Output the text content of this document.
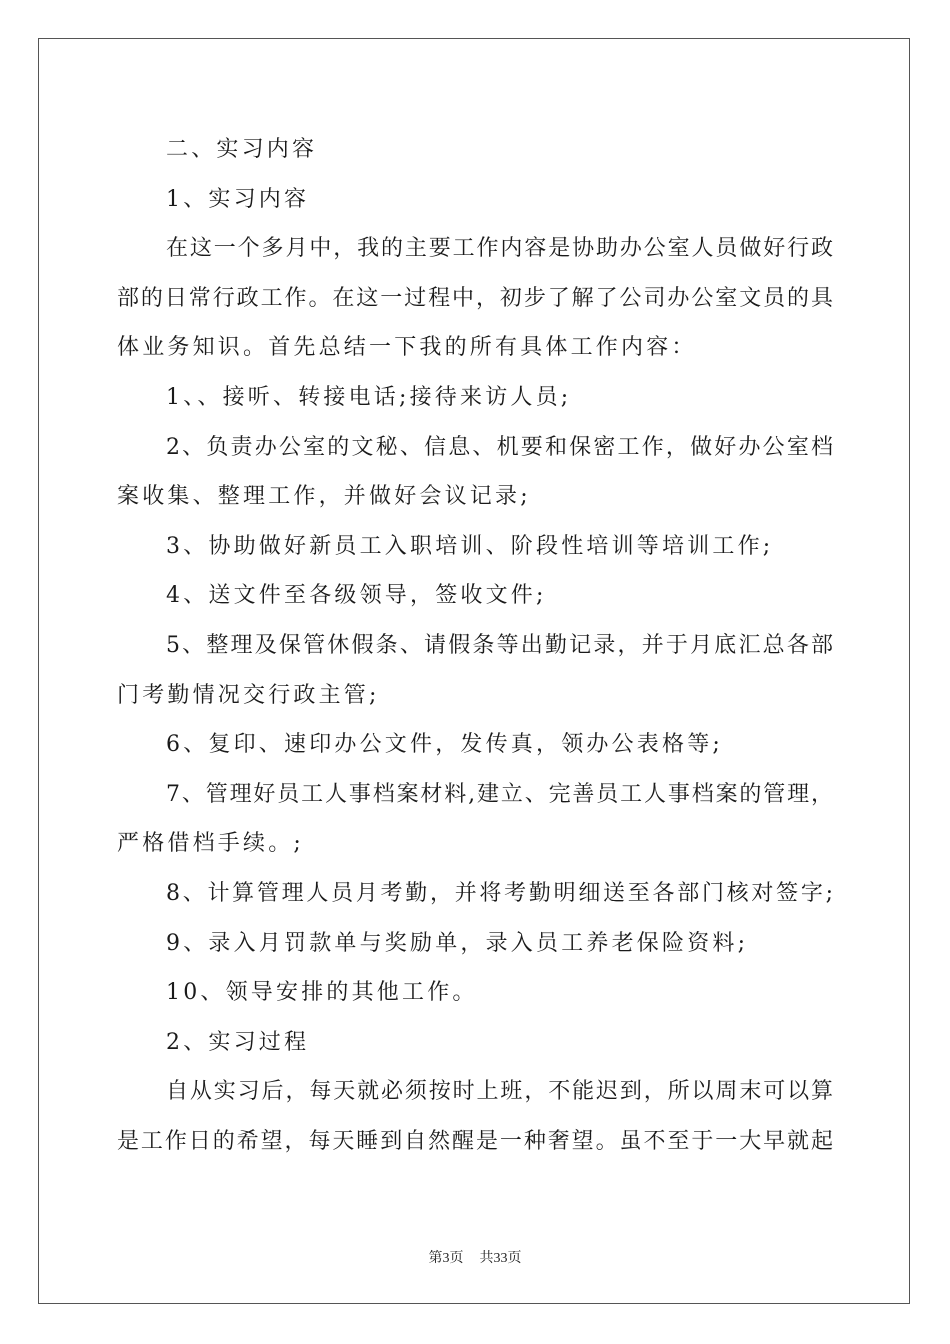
二、实习内容
1、实习内容
在这一个多月中，我的主要工作内容是协助办公室人员做好行政
部的日常行政工作。在这一过程中，初步了解了公司办公室文员的具
体业务知识。首先总结一下我的所有具体工作内容：
1、、接听、转接电话;接待来访人员;
2、负责办公室的文秘、信息、机要和保密工作，做好办公室档
案收集、整理工作，并做好会议记录;
3、协助做好新员工入职培训、阶段性培训等培训工作;
4、送文件至各级领导，签收文件;
5、整理及保管休假条、请假条等出勤记录，并于月底汇总各部
门考勤情况交行政主管;
6、复印、速印办公文件，发传真，领办公表格等;
7、管理好员工人事档案材料,建立、完善员工人事档案的管理，
严格借档手续。;
8、计算管理人员月考勤，并将考勤明细送至各部门核对签字;
9、录入月罚款单与奖励单，录入员工养老保险资料;
10、领导安排的其他工作。
2、实习过程
自从实习后，每天就必须按时上班，不能迟到，所以周末可以算
是工作日的希望，每天睡到自然醒是一种奢望。虽不至于一大早就起
第3页 共33页
